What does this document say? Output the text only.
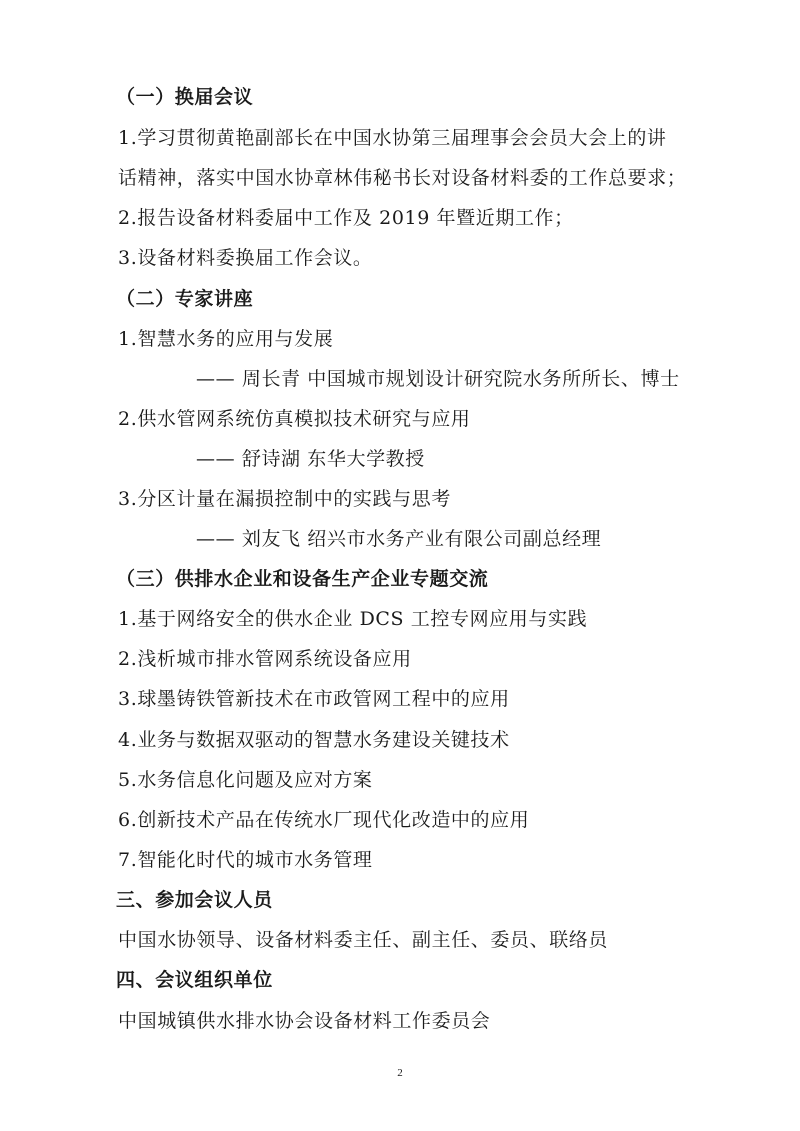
（一）换届会议
1.学习贯彻黄艳副部长在中国水协第三届理事会会员大会上的讲
话精神，落实中国水协章林伟秘书长对设备材料委的工作总要求；
2.报告设备材料委届中工作及 2019 年暨近期工作；
3.设备材料委换届工作会议。
（二）专家讲座
1.智慧水务的应用与发展
—— 周长青 中国城市规划设计研究院水务所所长、博士
2.供水管网系统仿真模拟技术研究与应用
—— 舒诗湖 东华大学教授
3.分区计量在漏损控制中的实践与思考
—— 刘友飞 绍兴市水务产业有限公司副总经理
（三）供排水企业和设备生产企业专题交流
1.基于网络安全的供水企业 DCS 工控专网应用与实践
2.浅析城市排水管网系统设备应用
3.球墨铸铁管新技术在市政管网工程中的应用
4.业务与数据双驱动的智慧水务建设关键技术
5.水务信息化问题及应对方案
6.创新技术产品在传统水厂现代化改造中的应用
7.智能化时代的城市水务管理
三、参加会议人员
中国水协领导、设备材料委主任、副主任、委员、联络员
四、会议组织单位
中国城镇供水排水协会设备材料工作委员会
2
